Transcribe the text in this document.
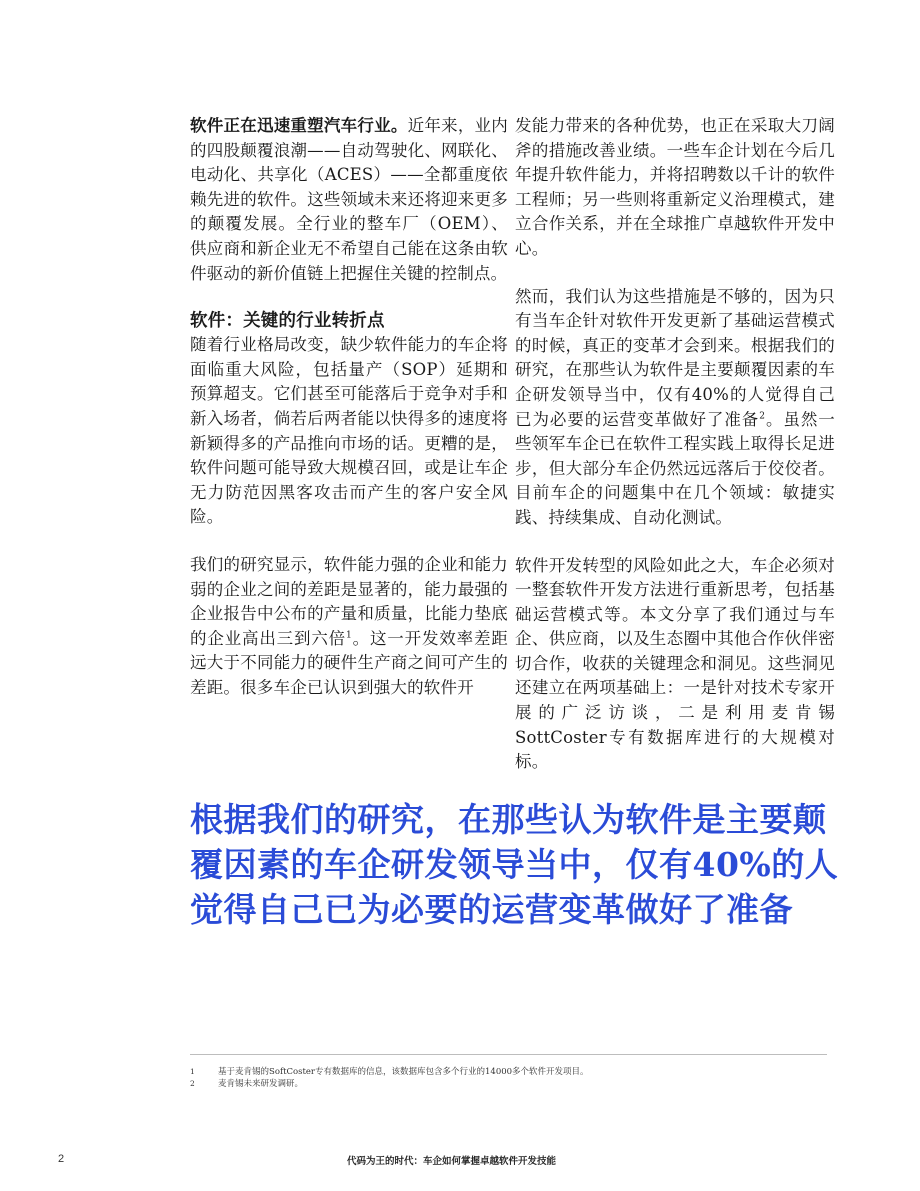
软件正在迅速重塑汽车行业。近年来，业内的四股颠覆浪潮——自动驾驶化、网联化、电动化、共享化（ACES）——全都重度依赖先进的软件。这些领域未来还将迎来更多的颠覆发展。全行业的整车厂（OEM）、供应商和新企业无不希望自己能在这条由软件驱动的新价值链上把握住关键的控制点。

软件：关键的行业转折点

随着行业格局改变，缺少软件能力的车企将面临重大风险，包括量产（SOP）延期和预算超支。它们甚至可能落后于竞争对手和新入场者，倘若后两者能以快得多的速度将新颖得多的产品推向市场的话。更糟的是，软件问题可能导致大规模召回，或是让车企无力防范因黑客攻击而产生的客户安全风险。

我们的研究显示，软件能力强的企业和能力弱的企业之间的差距是显著的，能力最强的企业报告中公布的产量和质量，比能力垫底的企业高出三到六倍$^1$。这一开发效率差距远大于不同能力的硬件生产商之间可产生的差距。很多车企已认识到强大的软件开

发能力带来的各种优势，也正在采取大刀阔斧的措施改善业绩。一些车企计划在今后几年提升软件能力，并将招聘数以千计的软件工程师；另一些则将重新定义治理模式，建立合作关系，并在全球推广卓越软件开发中心。

然而，我们认为这些措施是不够的，因为只有当车企针对软件开发更新了基础运营模式的时候，真正的变革才会到来。根据我们的研究，在那些认为软件是主要颠覆因素的车企研发领导当中，仅有40%的人觉得自己已为必要的运营变革做好了准备$^2$。虽然一些领军车企已在软件工程实践上取得长足进步，但大部分车企仍然远远落后于佼佼者。目前车企的问题集中在几个领域：敏捷实践、持续集成、自动化测试。

软件开发转型的风险如此之大，车企必须对一整套软件开发方法进行重新思考，包括基础运营模式等。本文分享了我们通过与车企、供应商，以及生态圈中其他合作伙伴密切合作，收获的关键理念和洞见。这些洞见还建立在两项基础上：一是针对技术专家开展的广泛访谈，二是利用麦肯锡SottCoster专有数据库进行的大规模对标。

根据我们的研究，在那些认为软件是主要颠覆因素的车企研发领导当中，仅有40%的人觉得自己已为必要的运营变革做好了准备
1	基于麦肯锡的SoftCoster专有数据库的信息，该数据库包含多个行业的14000多个软件开发项目。
2	麦肯锡未来研发调研。
2	代码为王的时代：车企如何掌握卓越软件开发技能
